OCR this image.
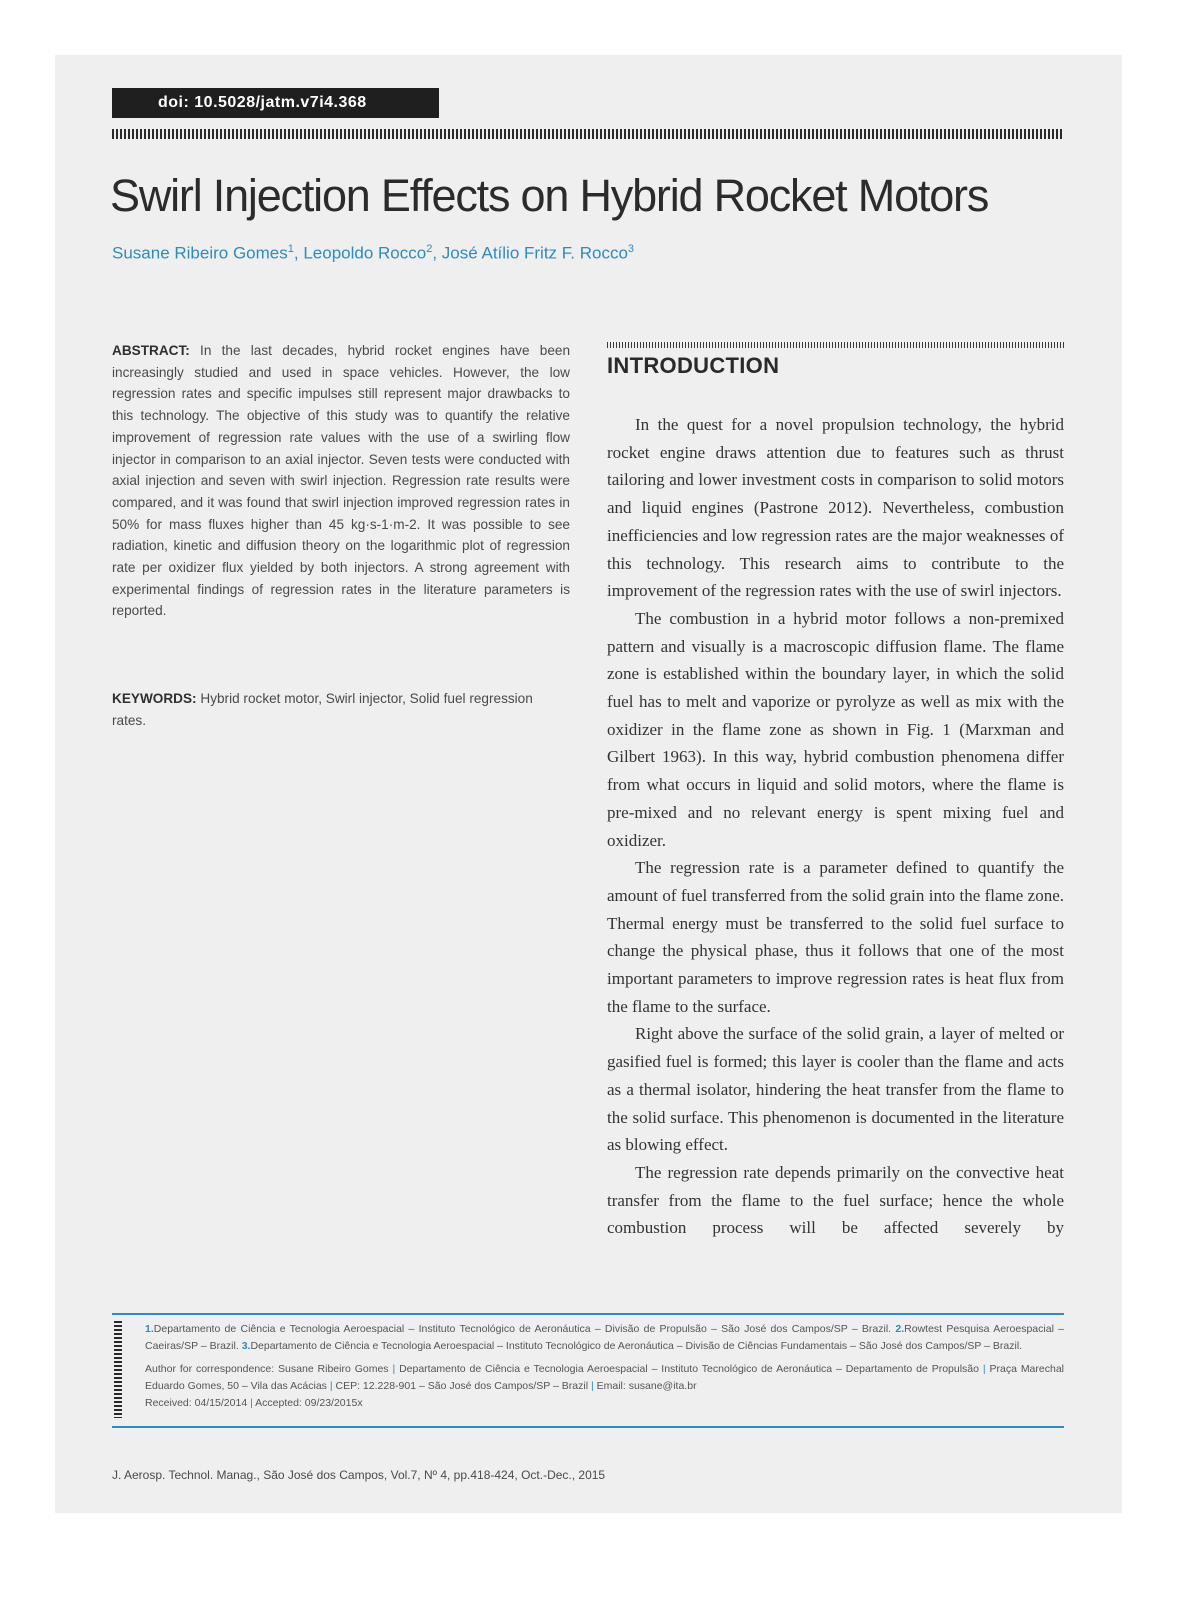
doi: 10.5028/jatm.v7i4.368
Swirl Injection Effects on Hybrid Rocket Motors
Susane Ribeiro Gomes$^1$, Leopoldo Rocco$^2$, José Atílio Fritz F. Rocco$^3$

ABSTRACT: In the last decades, hybrid rocket engines have been increasingly studied and used in space vehicles. However, the low regression rates and specific impulses still represent major drawbacks to this technology. The objective of this study was to quantify the relative improvement of regression rate values with the use of a swirling flow injector in comparison to an axial injector. Seven tests were conducted with axial injection and seven with swirl injection. Regression rate results were compared, and it was found that swirl injection improved regression rates in 50% for mass fluxes higher than 45 kg·s-1·m-2. It was possible to see radiation, kinetic and diffusion theory on the logarithmic plot of regression rate per oxidizer flux yielded by both injectors. A strong agreement with experimental findings of regression rates in the literature parameters is reported.

KEYWORDS: Hybrid rocket motor, Swirl injector, Solid fuel regression rates.

INTRODUCTION

In the quest for a novel propulsion technology, the hybrid rocket engine draws attention due to features such as thrust tailoring and lower investment costs in comparison to solid motors and liquid engines (Pastrone 2012). Nevertheless, combustion inefficiencies and low regression rates are the major weaknesses of this technology. This research aims to contribute to the improvement of the regression rates with the use of swirl injectors.

The combustion in a hybrid motor follows a non-premixed pattern and visually is a macroscopic diffusion flame. The flame zone is established within the boundary layer, in which the solid fuel has to melt and vaporize or pyrolyze as well as mix with the oxidizer in the flame zone as shown in Fig. 1 (Marxman and Gilbert 1963). In this way, hybrid combustion phenomena differ from what occurs in liquid and solid motors, where the flame is pre-mixed and no relevant energy is spent mixing fuel and oxidizer.

The regression rate is a parameter defined to quantify the amount of fuel transferred from the solid grain into the flame zone. Thermal energy must be transferred to the solid fuel surface to change the physical phase, thus it follows that one of the most important parameters to improve regression rates is heat flux from the flame to the surface.

Right above the surface of the solid grain, a layer of melted or gasified fuel is formed; this layer is cooler than the flame and acts as a thermal isolator, hindering the heat transfer from the flame to the solid surface. This phenomenon is documented in the literature as blowing effect.

The regression rate depends primarily on the convective heat transfer from the flame to the fuel surface; hence the whole combustion process will be affected severely by

1.Departamento de Ciência e Tecnologia Aeroespacial – Instituto Tecnológico de Aeronáutica – Divisão de Propulsão – São José dos Campos/SP – Brazil. 2.Rowtest Pesquisa Aeroespacial – Caeiras/SP – Brazil. 3.Departamento de Ciência e Tecnologia Aeroespacial – Instituto Tecnológico de Aeronáutica – Divisão de Ciências Fundamentais – São José dos Campos/SP – Brazil.

Author for correspondence: Susane Ribeiro Gomes | Departamento de Ciência e Tecnologia Aeroespacial – Instituto Tecnológico de Aeronáutica – Departamento de Propulsão | Praça Marechal Eduardo Gomes, 50 – Vila das Acácias | CEP: 12.228-901 – São José dos Campos/SP – Brazil | Email: susane@ita.br

Received: 04/15/2014 | Accepted: 09/23/2015x

J. Aerosp. Technol. Manag., São José dos Campos, Vol.7, Nº 4, pp.418-424, Oct.-Dec., 2015
